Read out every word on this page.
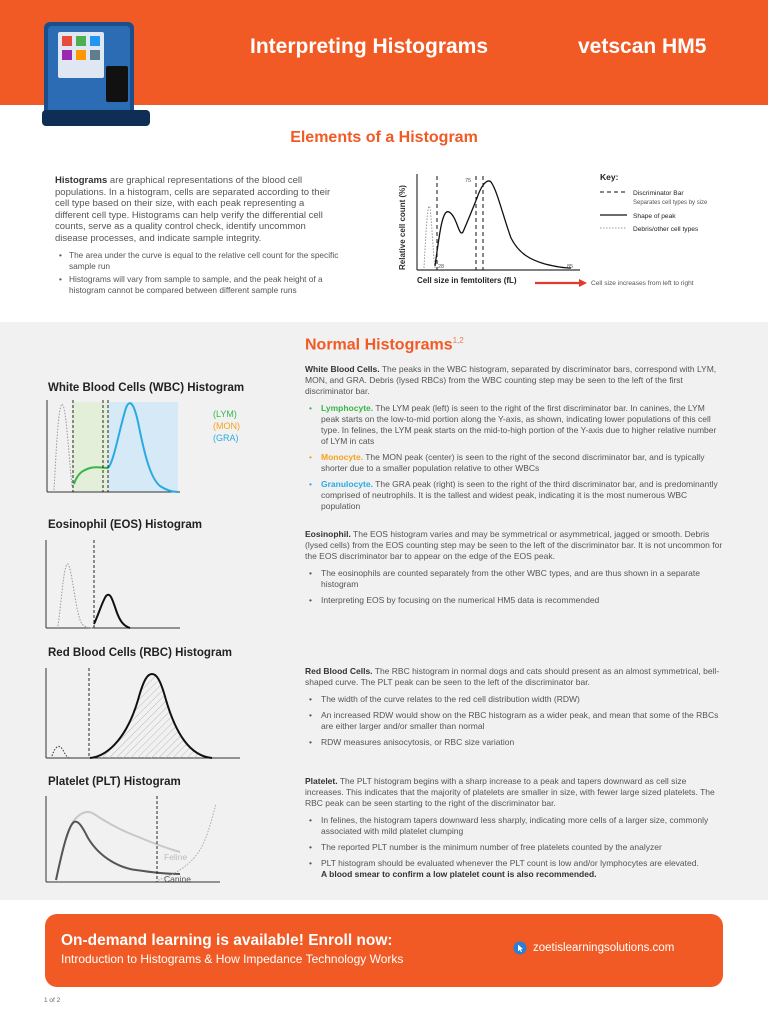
Interpreting Histograms	vetscan HM5
Elements of a Histogram
Histograms are graphical representations of the blood cell populations. In a histogram, cells are separated according to their cell type based on their size, with each peak representing a different cell type. Histograms can help verify the differential cell counts, serve as a quality control check, identify uncommon disease processes, and indicate sample integrity.
• The area under the curve is equal to the relative cell count for the specific sample run
• Histograms will vary from sample to sample, and the peak height of a histogram cannot be compared between different sample runs
Relative cell count (%)	28
75
85
Cell size in femtoliters (fL)	Cell size increases from left to right
Key:
Discriminator Bar
Separates cell types by size
Shape of peak
Debris/other cell types
Normal Histograms$^{1,2}$
White Blood Cells (WBC) Histogram
(LYM)
(MON)
(GRA)
White Blood Cells. The peaks in the WBC histogram, separated by discriminator bars, correspond with LYM, MON, and GRA. Debris (lysed RBCs) from the WBC counting step may be seen to the left of the first discriminator bar.
• Lymphocyte. The LYM peak (left) is seen to the right of the first discriminator bar. In canines, the LYM peak starts on the low-to-mid portion along the Y-axis, as shown, indicating lower populations of this cell type. In felines, the LYM peak starts on the mid-to-high portion of the Y-axis due to higher relative number of LYM in cats
• Monocyte. The MON peak (center) is seen to the right of the second discriminator bar, and is typically shorter due to a smaller population relative to other WBCs
• Granulocyte. The GRA peak (right) is seen to the right of the third discriminator bar, and is predominantly comprised of neutrophils. It is the tallest and widest peak, indicating it is the most numerous WBC population
Eosinophil (EOS) Histogram
Eosinophil. The EOS histogram varies and may be symmetrical or asymmetrical, jagged or smooth. Debris (lysed cells) from the EOS counting step may be seen to the left of the discriminator bar. It is not uncommon for the EOS discriminator bar to appear on the edge of the EOS peak.
• The eosinophils are counted separately from the other WBC types, and are thus shown in a separate histogram
• Interpreting EOS by focusing on the numerical HM5 data is recommended
Red Blood Cells (RBC) Histogram
Red Blood Cells. The RBC histogram in normal dogs and cats should present as an almost symmetrical, bell-shaped curve. The PLT peak can be seen to the left of the discriminator bar.
• The width of the curve relates to the red cell distribution width (RDW)
• An increased RDW would show on the RBC histogram as a wider peak, and mean that some of the RBCs are either larger and/or smaller than normal
• RDW measures anisocytosis, or RBC size variation
Platelet (PLT) Histogram
Feline
Canine
Platelet. The PLT histogram begins with a sharp increase to a peak and tapers downward as cell size increases. This indicates that the majority of platelets are smaller in size, with fewer large sized platelets. The RBC peak can be seen starting to the right of the discriminator bar.
• In felines, the histogram tapers downward less sharply, indicating more cells of a larger size, commonly associated with mild platelet clumping
• The reported PLT number is the minimum number of free platelets counted by the analyzer
• PLT histogram should be evaluated whenever the PLT count is low and/or lymphocytes are elevated.
A blood smear to confirm a low platelet count is also recommended.
On-demand learning is available! Enroll now:
Introduction to Histograms & How Impedance Technology Works
zoetislearningsolutions.com
1 of 2
